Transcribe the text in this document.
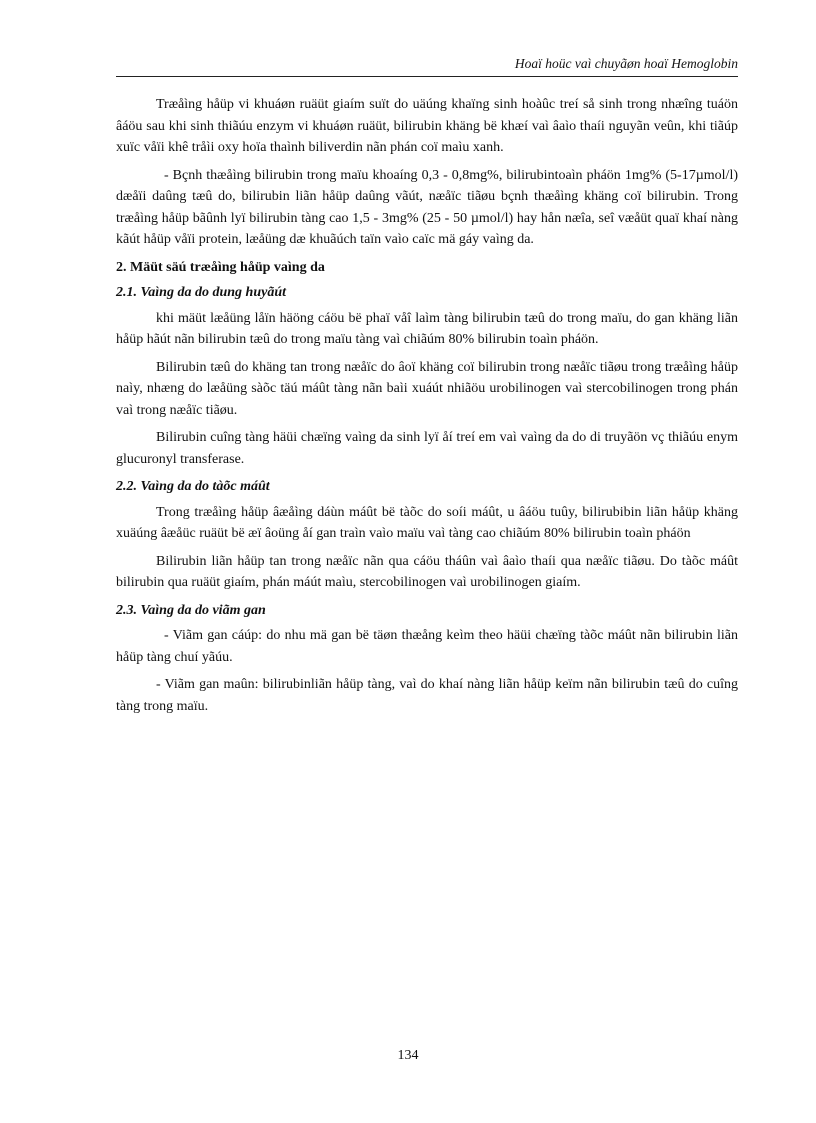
Hoaï hoüc vaì chuyãøn hoaï Hemoglobin

Træåìng håüp vi khuáøn ruäüt giaím suït do uäúng khaïng sinh hoàûc treí så sinh trong nhæîng tuáön âáöu sau khi sinh thiãúu enzym vi khuáøn ruäüt, bilirubin khäng bë khæí vaì âaìo thaíi nguyãn veûn, khi tiãúp xuïc våïi khê tråìi oxy hoïa thaình biliverdin nãn phán coï maìu xanh.

- Bçnh thæåìng bilirubin trong maïu khoaíng 0,3 - 0,8mg%, bilirubintoaìn pháön 1mg% (5-17µmol/l) dæåïi daûng tæû do, bilirubin liãn håüp daûng vãút, næåïc tiãøu bçnh thæåìng khäng coï bilirubin. Trong træåìng håüp bãûnh lyï bilirubin tàng cao 1,5 - 3mg% (25 - 50 µmol/l) hay hån næîa, seî væåüt quaï khaí nàng kãút håüp våïi protein, læåüng dæ khuãúch taïn vaìo caïc mä gáy vaìng da.

2. Mäüt säú træåìng håüp vaìng da
2.1. Vaìng da do dung huyãút

khi mäüt læåüng låïn häöng cáöu bë phaï våî laìm tàng bilirubin tæû do trong maïu, do gan khäng liãn håüp hãút nãn bilirubin tæû do trong maïu tàng vaì chiãúm 80% bilirubin toaìn pháön.

Bilirubin tæû do khäng tan trong næåïc do âoï khäng coï bilirubin trong næåïc tiãøu trong træåìng håüp naìy, nhæng do læåüng sàõc täú máût tàng nãn baìi xuáút nhiãöu urobilinogen vaì stercobilinogen trong phán vaì trong næåïc tiãøu.

Bilirubin cuîng tàng häüi chæïng vaìng da sinh lyï åí treí em vaì vaìng da do di truyãön vç thiãúu enym glucuronyl transferase.

2.2. Vaìng da do tàõc máût

Trong træåìng håüp âæåìng dáùn máût bë tàõc do soíi máût, u âáöu tuûy, bilirubibin liãn håüp khäng xuäúng âæåüc ruäüt bë æï âoüng åí gan traìn vaìo maïu vaì tàng cao chiãúm 80% bilirubin toaìn pháön

Bilirubin liãn håüp tan trong næåïc nãn qua cáöu tháûn vaì âaìo thaíi qua næåïc tiãøu. Do tàõc máût bilirubin qua ruäüt giaím, phán máút maìu, stercobilinogen vaì urobilinogen giaím.

2.3. Vaìng da do viãm gan

- Viãm gan cáúp: do nhu mä gan bë täøn thæång keìm theo häüi chæïng tàõc máût nãn bilirubin liãn håüp tàng chuí yãúu.

- Viãm gan maûn: bilirubinliãn håüp tàng, vaì do khaí nàng liãn håüp keïm nãn bilirubin tæû do cuîng tàng trong maïu.

134
